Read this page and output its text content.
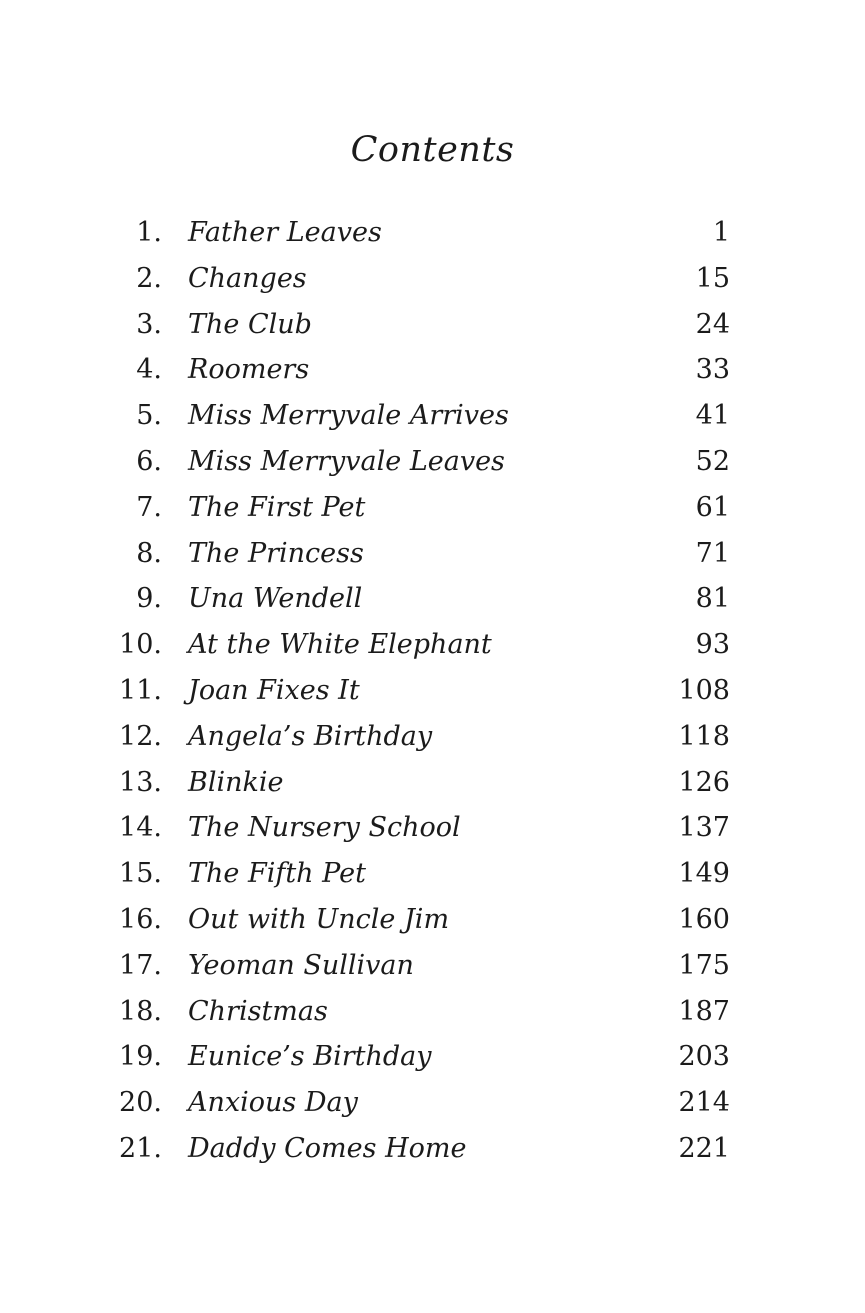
Contents
1. Father Leaves	1
2. Changes	15
3. The Club	24
4. Roomers	33
5. Miss Merryvale Arrives	41
6. Miss Merryvale Leaves	52
7. The First Pet	61
8. The Princess	71
9. Una Wendell	81
10. At the White Elephant	93
11. Joan Fixes It	108
12. Angela’s Birthday	118
13. Blinkie	126
14. The Nursery School	137
15. The Fifth Pet	149
16. Out with Uncle Jim	160
17. Yeoman Sullivan	175
18. Christmas	187
19. Eunice’s Birthday	203
20. Anxious Day	214
21. Daddy Comes Home	221
